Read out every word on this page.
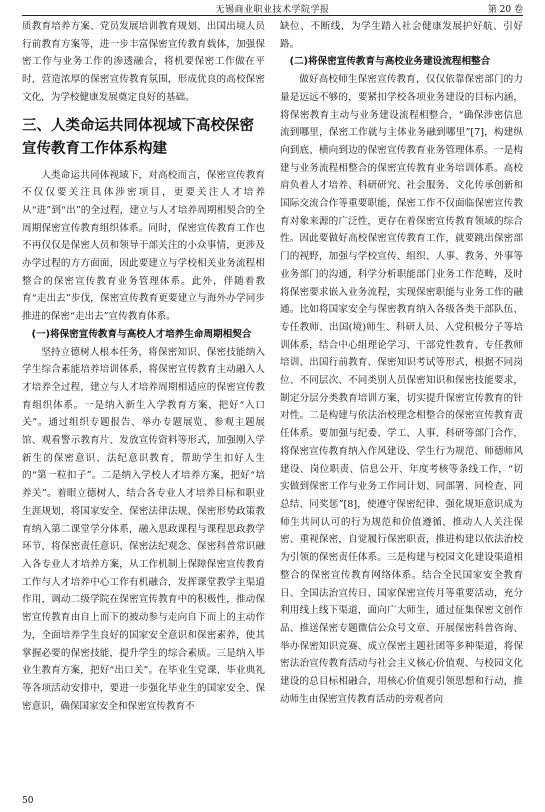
无锡商业职业技术学院学报	第 20 卷
质教育培养方案、党员发展培训教育规划、出国出境人员行前教育方案等，进一步丰富保密宣传教育载体，加强保密工作与业务工作的渗透融合，将机要保密工作做在平时，营造浓厚的保密宣传教育氛围，形成优良的高校保密文化，为学校健康发展奠定良好的基础。
三、人类命运共同体视域下高校保密宣传教育工作体系构建
人类命运共同体视域下，对高校而言，保密宣传教育不仅仅要关注具体涉密项目，更要关注人才培养从“进”到“出”的全过程，建立与人才培养周期相契合的全周期保密宣传教育组织体系。同时，保密宣传教育工作也不再仅仅是保密人员和领导干部关注的小众事情，更涉及办学过程的方方面面，因此要建立与学校相关业务流程相整合的保密宣传教育业务管理体系。此外，伴随着教育“走出去”步伐，保密宣传教育更要建立与海外办学同步推进的保密“走出去”宣传教育体系。
(一)将保密宣传教育与高校人才培养生命周期相契合
坚持立德树人根本任务，将保密知识、保密技能纳入学生综合素能培养培训体系，将保密宣传教育主动融入人才培养全过程，建立与人才培养周期相适应的保密宣传教育组织体系。一是纳入新生入学教育方案，把好“入口关”。通过组织专题报告、举办专题展览、参观主题展馆、观看警示教育片、发放宣传资料等形式，加强刚入学新生的保密意识、法纪意识教育，帮助学生扣好人生的“第一粒扣子”。二是纳入学校人才培养方案，把好“培养关”。着眼立德树人，结合各专业人才培养目标和职业生涯规划，将国家安全、保密法律法规、保密形势政策教育纳入第二课堂学分体系，融入思政课程与课程思政教学环节，将保密责任意识、保密法纪观念、保密科普常识融入各专业人才培养方案，从工作机制上保障保密宣传教育工作与人才培养中心工作有机融合，发挥课堂教学主渠道作用，调动二级学院在保密宣传教育中的积极性，推动保密宣传教育由自上而下的被动参与走向自下而上的主动作为，全面培养学生良好的国家安全意识和保密素养，使其掌握必要的保密技能，提升学生的综合素质。三是纳入毕业生教育方案，把好“出口关”。在毕业生党课、毕业典礼等各项活动安排中，要进一步强化毕业生的国家安全、保密意识，确保国家安全和保密宣传教育不
缺位、不断线，为学生踏入社会健康发展护好航、引好路。
(二)将保密宣传教育与高校业务建设流程相整合
做好高校师生保密宣传教育，仅仅依靠保密部门的力量是远远不够的，要紧扣学校各项业务建设的目标内涵，将保密教育主动与业务建设流程相整合，“确保涉密信息流到哪里，保密工作就与主体业务融到哪里”[7]，构建纵向到底、横向到边的保密宣传教育业务管理体系。一是构建与业务流程相整合的保密宣传教育业务培训体系。高校肩负着人才培养、科研研究、社会服务、文化传承创新和国际交流合作等重要职能，保密工作不仅面临保密宣传教育对象来源的广泛性，更存在着保密宣传教育领域的综合性。因此要做好高校保密宣传教育工作，就要跳出保密部门的视野，加强与学校宣传、组织、人事、教务、外事等业务部门的沟通，科学分析职能部门业务工作范畴，及时将保密要求嵌入业务流程，实现保密职能与业务工作的融通。比如将国家安全与保密教育纳入各级各类干部队伍、专任教师、出国(境)师生、科研人员、入党积极分子等培训体系，结合中心组理论学习、干部党性教育、专任教师培训、出国行前教育、保密知识考试等形式，根据不同岗位、不同层次、不同类别人员保密知识和保密技能要求，制定分层分类教育培训方案，切实提升保密宣传教育的针对性。二是构建与依法治校理念相整合的保密宣传教育责任体系。要加强与纪委、学工、人事、科研等部门合作，将保密宣传教育纳入作风建设、学生行为规范、师德师风建设、岗位职责、信息公开、年度考核等条线工作，“切实做到保密工作与业务工作同计划、同部署、同检查、同总结、同奖惩”[8]，使遵守保密纪律、强化规矩意识成为师生共同认可的行为规范和价值遵循，推动人人关注保密、重视保密，自觉履行保密职责，推进构建以依法治校为引领的保密责任体系。三是构建与校园文化建设渠道相整合的保密宣传教育网络体系。结合全民国家安全教育日、全国法治宣传日、国家保密宣传月等重要活动，充分利用线上线下渠道，面向广大师生，通过征集保密文创作品、推送保密专题微信公众号文章、开展保密科普咨询、举办保密知识竞赛、成立保密主题社团等多种渠道，将保密法治宣传教育活动与社会主义核心价值观、与校园文化建设的总目标相融合，用核心价值观引领思想和行动，推动师生由保密宣传教育活动的旁观者向
50
